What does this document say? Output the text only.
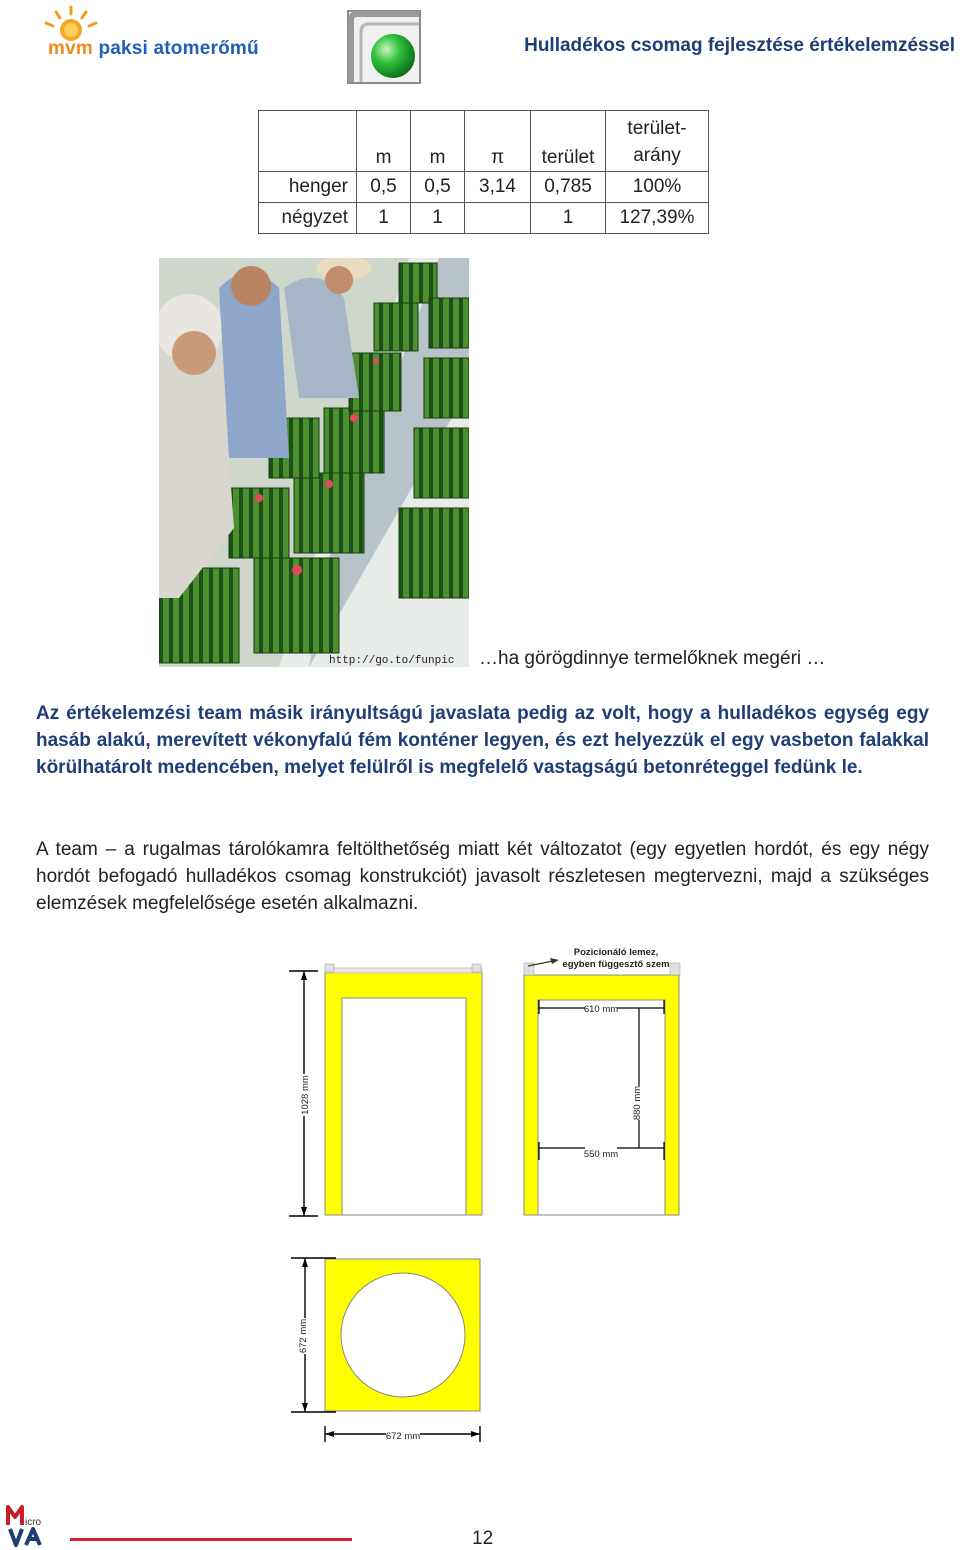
mvm paksi atomerőmű	Hulladékos csomag fejlesztése értékelemzéssel
	m	m	π	terület	terület-arány
henger	0,5	0,5	3,14	0,785	100%
négyzet	1	1		1	127,39%
http://go.to/funpic …ha görögdinnye termelőknek megéri …
Az értékelemzési team másik irányultságú javaslata pedig az volt, hogy a hulladékos egység egy hasáb alakú, merevített vékonyfalú fém konténer legyen, és ezt helyezzük el egy vasbeton falakkal körülhatárolt medencében, melyet felülről is megfelelő vastagságú betonréteggel fedünk le.
A team – a rugalmas tárolókamra feltölthetőség miatt két változatot (egy egyetlen hordót, és egy négy hordót befogadó hulladékos csomag konstrukciót) javasolt részletesen megtervezni, majd a szükséges elemzések megfelelősége esetén alkalmazni.
1028 mm
Pozicionáló lemez,
egyben függesztő szem
610 mm
880 mm
550 mm
672 mm
672 mm
icro
12
